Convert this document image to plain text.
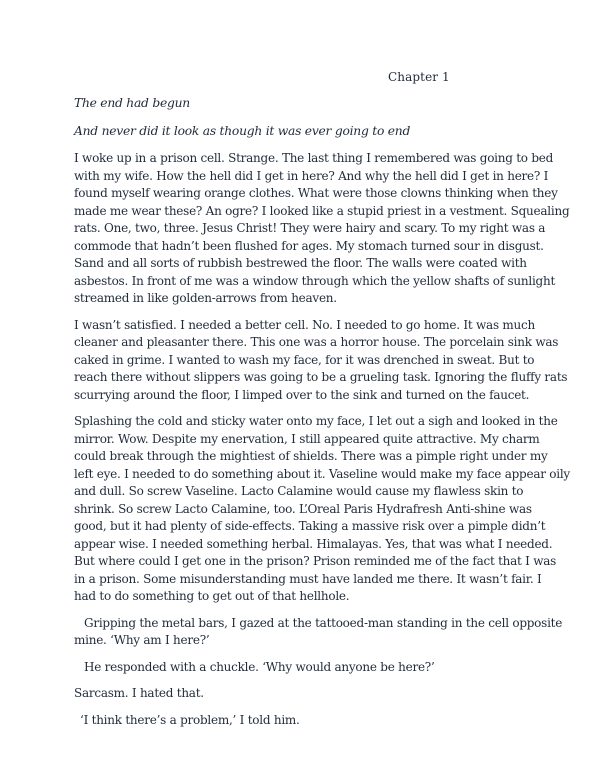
Chapter 1
The end had begun
And never did it look as though it was ever going to end

I woke up in a prison cell. Strange. The last thing I remembered was going to bed
with my wife. How the hell did I get in here? And why the hell did I get in here? I
found myself wearing orange clothes. What were those clowns thinking when they
made me wear these? An ogre? I looked like a stupid priest in a vestment. Squealing
rats. One, two, three. Jesus Christ! They were hairy and scary. To my right was a
commode that hadn’t been flushed for ages. My stomach turned sour in disgust.
Sand and all sorts of rubbish bestrewed the floor. The walls were coated with
asbestos. In front of me was a window through which the yellow shafts of sunlight
streamed in like golden-arrows from heaven.

I wasn’t satisfied. I needed a better cell. No. I needed to go home. It was much
cleaner and pleasanter there. This one was a horror house. The porcelain sink was
caked in grime. I wanted to wash my face, for it was drenched in sweat. But to
reach there without slippers was going to be a grueling task. Ignoring the fluffy rats
scurrying around the floor, I limped over to the sink and turned on the faucet.

Splashing the cold and sticky water onto my face, I let out a sigh and looked in the
mirror. Wow. Despite my enervation, I still appeared quite attractive. My charm
could break through the mightiest of shields. There was a pimple right under my
left eye. I needed to do something about it. Vaseline would make my face appear oily
and dull. So screw Vaseline. Lacto Calamine would cause my flawless skin to
shrink. So screw Lacto Calamine, too. L’Oreal Paris Hydrafresh Anti-shine was
good, but it had plenty of side-effects. Taking a massive risk over a pimple didn’t
appear wise. I needed something herbal. Himalayas. Yes, that was what I needed.
But where could I get one in the prison? Prison reminded me of the fact that I was
in a prison. Some misunderstanding must have landed me there. It wasn’t fair. I
had to do something to get out of that hellhole.

Gripping the metal bars, I gazed at the tattooed-man standing in the cell opposite
mine. ‘Why am I here?’

He responded with a chuckle. ‘Why would anyone be here?’

Sarcasm. I hated that.

‘I think there’s a problem,’ I told him.
